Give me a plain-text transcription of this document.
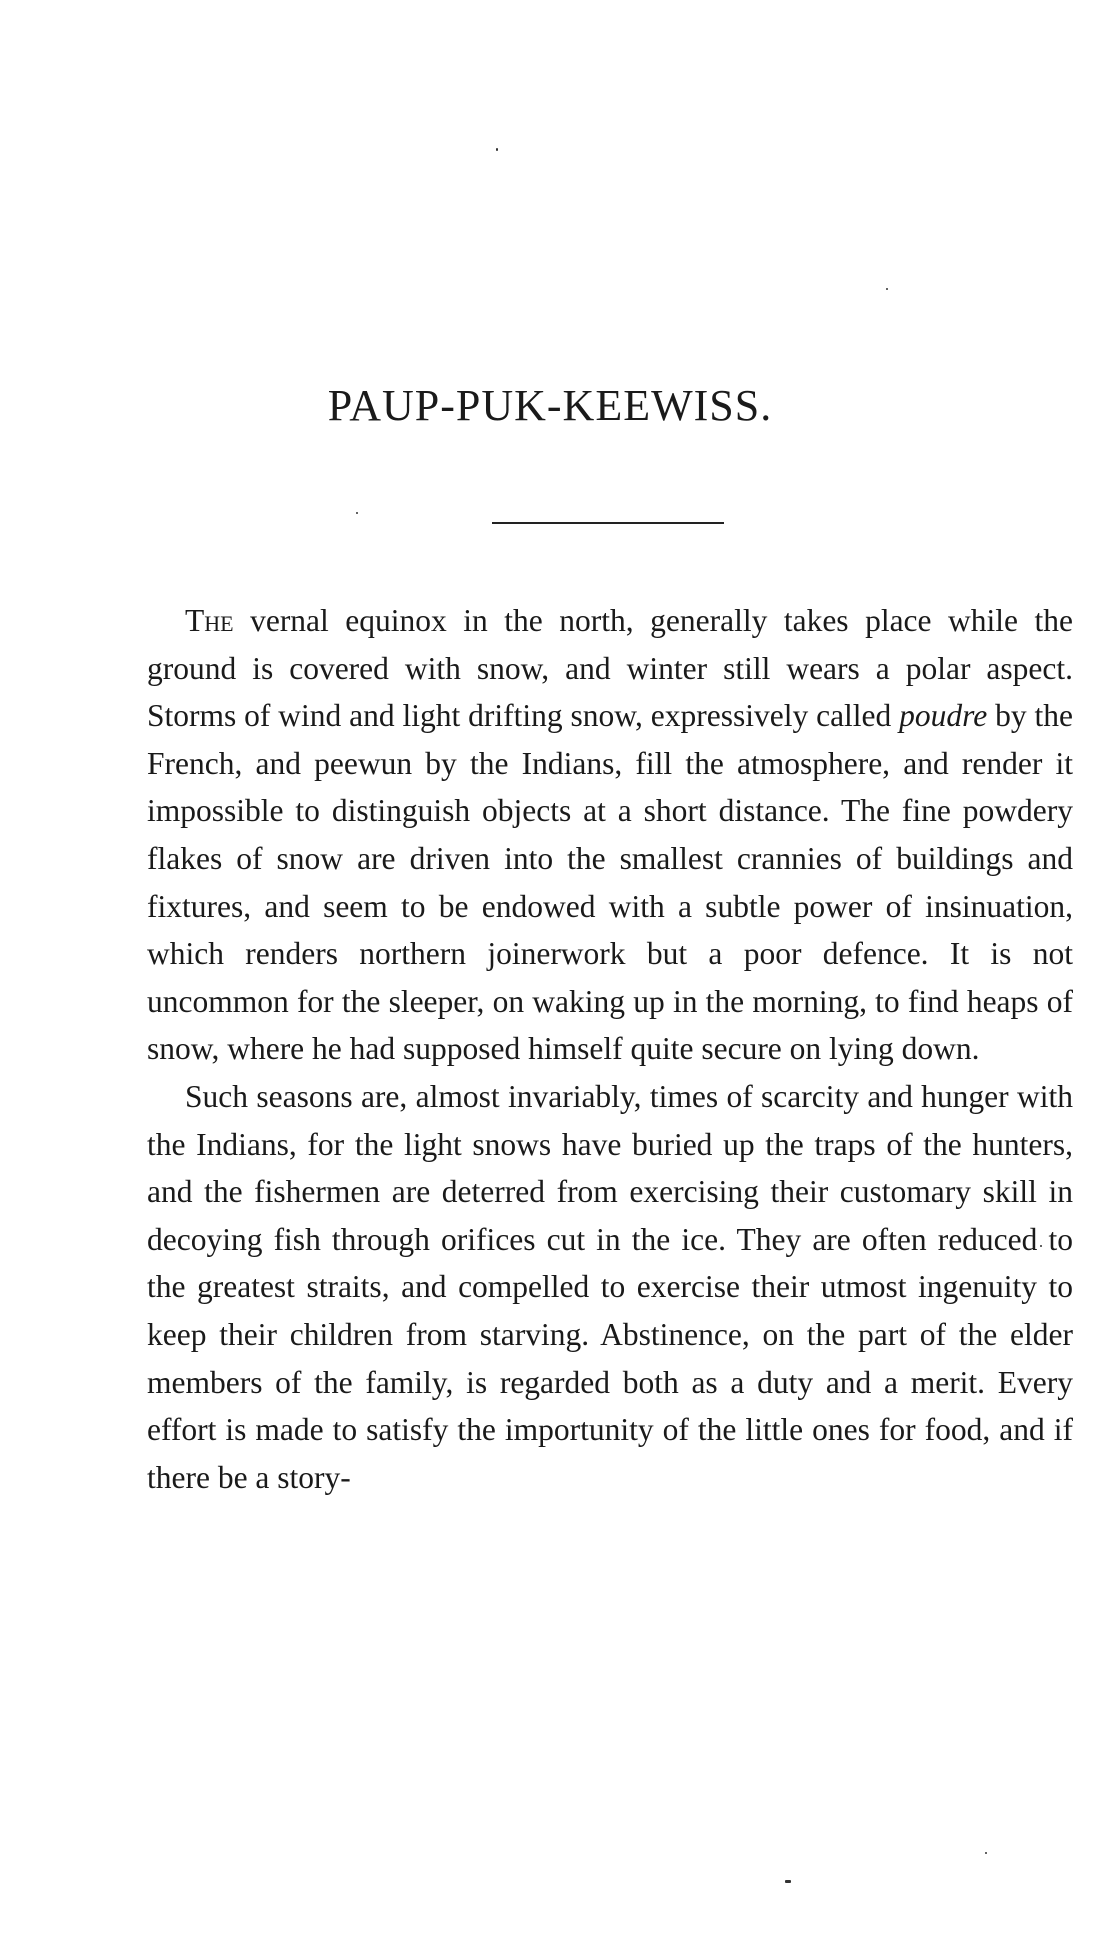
PAUP-PUK-KEEWISS.

The vernal equinox in the north, generally takes place while the ground is covered with snow, and winter still wears a polar aspect. Storms of wind and light drifting snow, expressively called poudre by the French, and peewun by the Indians, fill the atmosphere, and render it impossible to distinguish objects at a short distance. The fine powdery flakes of snow are driven into the smallest crannies of buildings and fixtures, and seem to be endowed with a subtle power of insinuation, which renders northern joinerwork but a poor defence. It is not uncommon for the sleeper, on waking up in the morning, to find heaps of snow, where he had supposed himself quite secure on lying down.

Such seasons are, almost invariably, times of scarcity and hunger with the Indians, for the light snows have buried up the traps of the hunters, and the fishermen are deterred from exercising their customary skill in decoying fish through orifices cut in the ice. They are often reduced to the greatest straits, and compelled to exercise their utmost ingenuity to keep their children from starving. Abstinence, on the part of the elder members of the family, is regarded both as a duty and a merit. Every effort is made to satisfy the importunity of the little ones for food, and if there be a story-
